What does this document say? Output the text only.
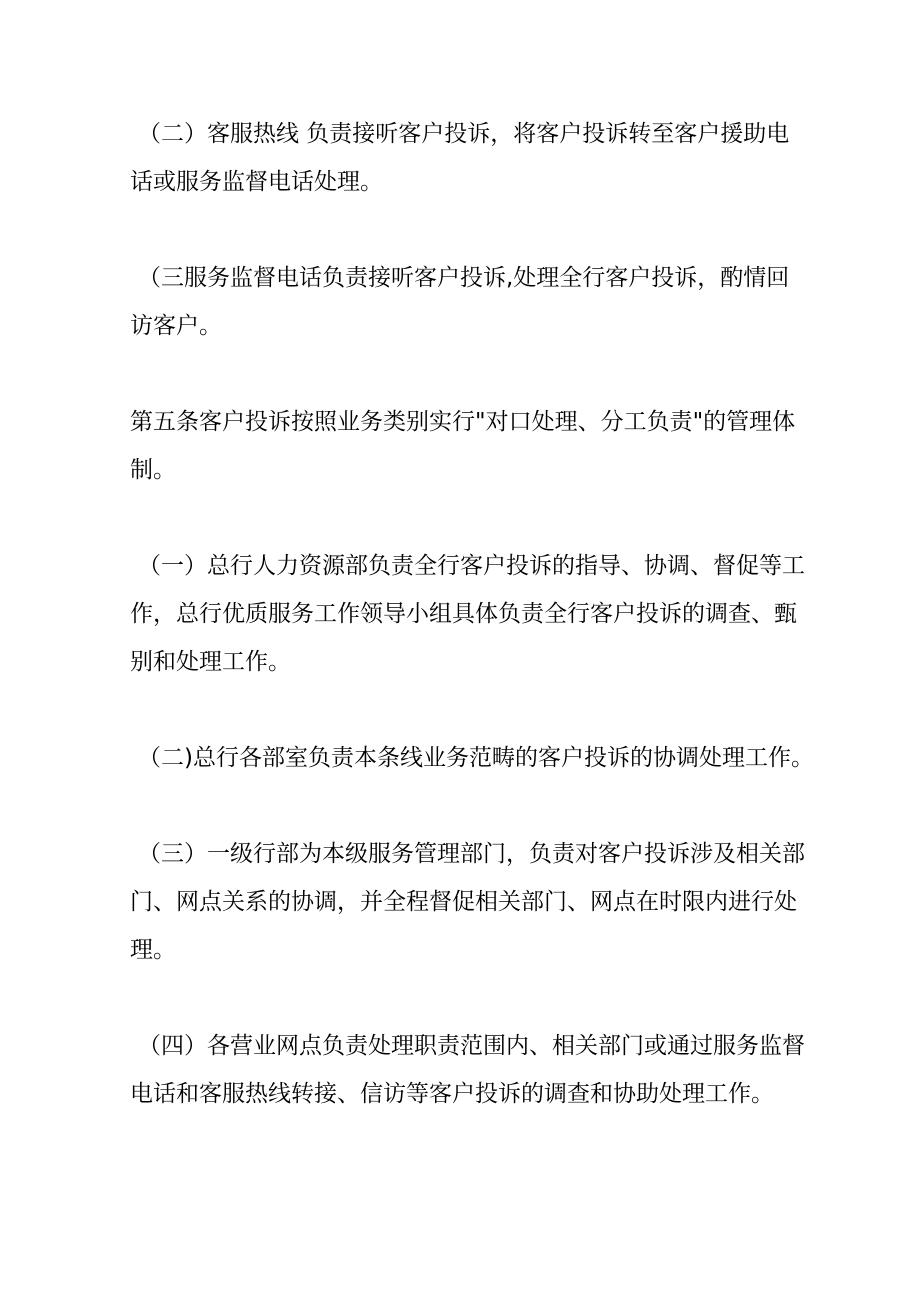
（二）客服热线 负责接听客户投诉，将客户投诉转至客户援助电
话或服务监督电话处理。

（三服务监督电话负责接听客户投诉,处理全行客户投诉，酌情回
访客户。

第五条客户投诉按照业务类别实行"对口处理、分工负责"的管理体
制。

（一）总行人力资源部负责全行客户投诉的指导、协调、督促等工
作，总行优质服务工作领导小组具体负责全行客户投诉的调查、甄
别和处理工作。

（二)总行各部室负责本条线业务范畴的客户投诉的协调处理工作。

（三）一级行部为本级服务管理部门，负责对客户投诉涉及相关部
门、网点关系的协调，并全程督促相关部门、网点在时限内进行处
理。

（四）各营业网点负责处理职责范围内、相关部门或通过服务监督
电话和客服热线转接、信访等客户投诉的调查和协助处理工作。
